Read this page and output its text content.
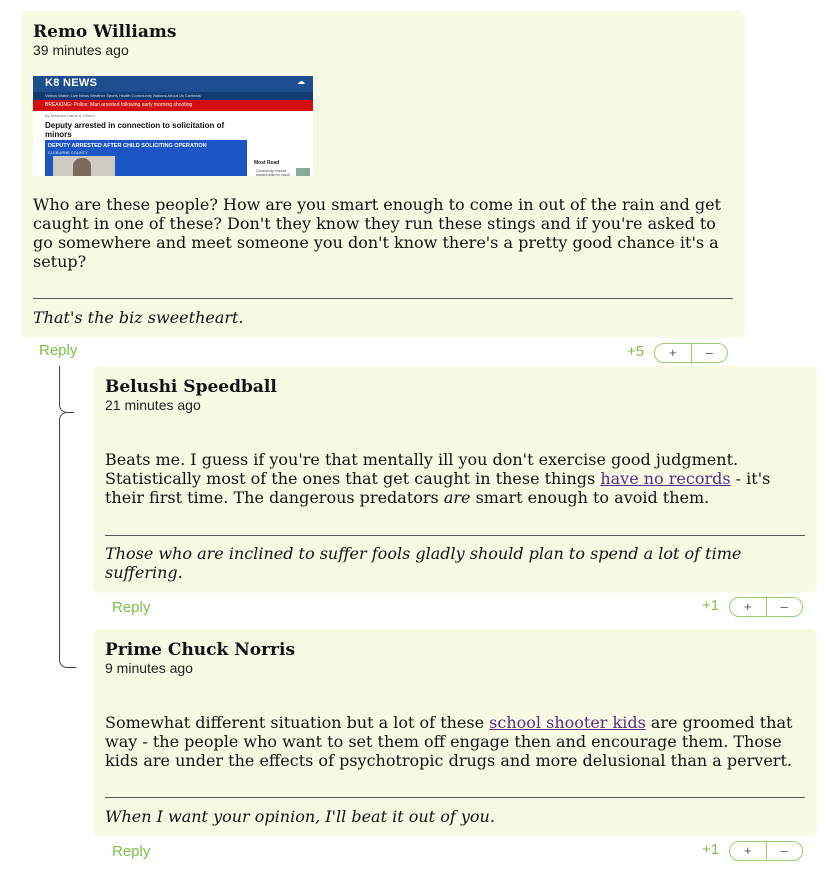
Remo Williams
39 minutes ago
K8 NEWS	☁
Videos Watch Live News Weather Sports Health Community Nations About Us Contests
BREAKING: Police: Man arrested following early morning shooting
By Meadow Harris & Others
Deputy arrested in connection to solicitation of minors
DEPUTY ARRESTED AFTER CHILD SOLICITING OPERATION
CLEBURNE COUNTY
Most Read
Community mourns student killed in crash
Who are these people? How are you smart enough to come in out of the rain and get
caught in one of these? Don't they know they run these stings and if you're asked to
go somewhere and meet someone you don't know there's a pretty good chance it's a
setup?
That's the biz sweetheart.
Reply	+5	+	–
Belushi Speedball
21 minutes ago
Beats me. I guess if you're that mentally ill you don't exercise good judgment.
Statistically most of the ones that get caught in these things have no records - it's
their first time. The dangerous predators are smart enough to avoid them.
Those who are inclined to suffer fools gladly should plan to spend a lot of time
suffering.
Reply	+1	+	–
Prime Chuck Norris
9 minutes ago
Somewhat different situation but a lot of these school shooter kids are groomed that
way - the people who want to set them off engage then and encourage them. Those
kids are under the effects of psychotropic drugs and more delusional than a pervert.
When I want your opinion, I'll beat it out of you.
Reply	+1	+	–
